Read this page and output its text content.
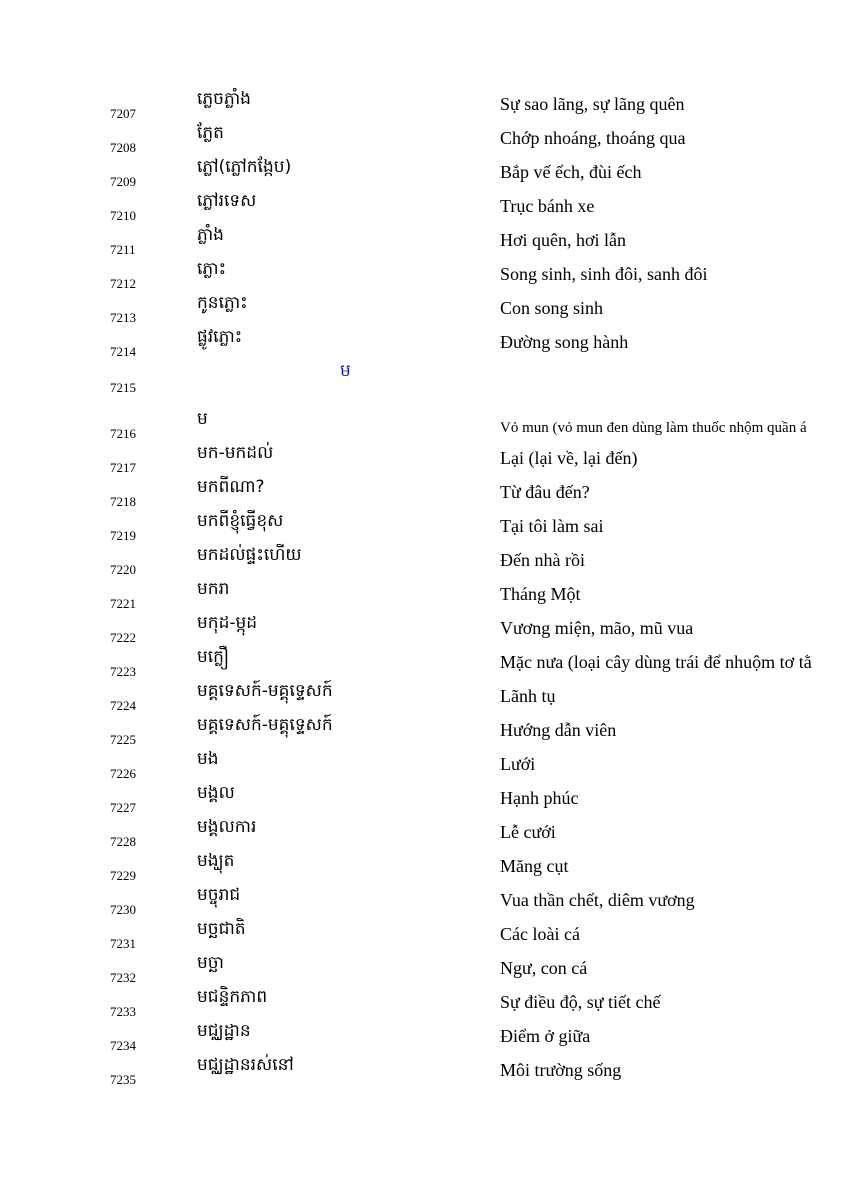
7207
ភ្លេចភ្លាំង	Sự sao lãng, sự lãng quên
7208
ភ្លែត	Chớp nhoáng, thoáng qua
7209
ភ្លៅ(ភ្លៅកង្កែប)	Bắp vế ếch, đùi ếch
7210
ភ្លៅរទេស	Trục bánh xe
7211
ភ្លាំង	Hơi quên, hơi lẫn
7212
ភ្លោះ	Song sinh, sinh đôi, sanh đôi
7213
កូនភ្លោះ	Con song sinh
7214
ផ្លូវភ្លោះ	Đường song hành
7215
ម
7216
ម	Vỏ mun (vỏ mun đen dùng làm thuốc nhộm quần á
7217
មក-មកដល់	Lại (lại về, lại đến)
7218
មកពីណា?	Từ đâu đến?
7219
មកពីខ្ញុំធ្វើខុស	Tại tôi làm sai
7220
មកដល់ផ្ទះហើយ	Đến nhà rồi
7221
មករា	Tháng Một
7222
មកុដ-ម្កុដ	Vương miện, mão, mũ vua
7223
មក្លឿ	Mặc nưa (loại cây dùng trái để nhuộm tơ tằ
7224
មគ្គទេសក៍-មគ្គុទ្ទេសក៍	Lãnh tụ
7225
មគ្គទេសក៍-មគ្គុទ្ទេសក៍	Hướng dẫn viên
7226
មង	Lưới
7227
មង្គល	Hạnh phúc
7228
មង្គលការ	Lễ cưới
7229
មង្ឃុត	Măng cụt
7230
មច្ចុរាជ	Vua thần chết, diêm vương
7231
មច្ឆជាតិ	Các loài cá
7232
មច្ឆា	Ngư, con cá
7233
មជន្ទិកភាព	Sự điều độ, sự tiết chế
7234
មជ្ឈដ្ឋាន	Điểm ở giữa
7235
មជ្ឈដ្ឋានរស់នៅ	Môi trường sống
